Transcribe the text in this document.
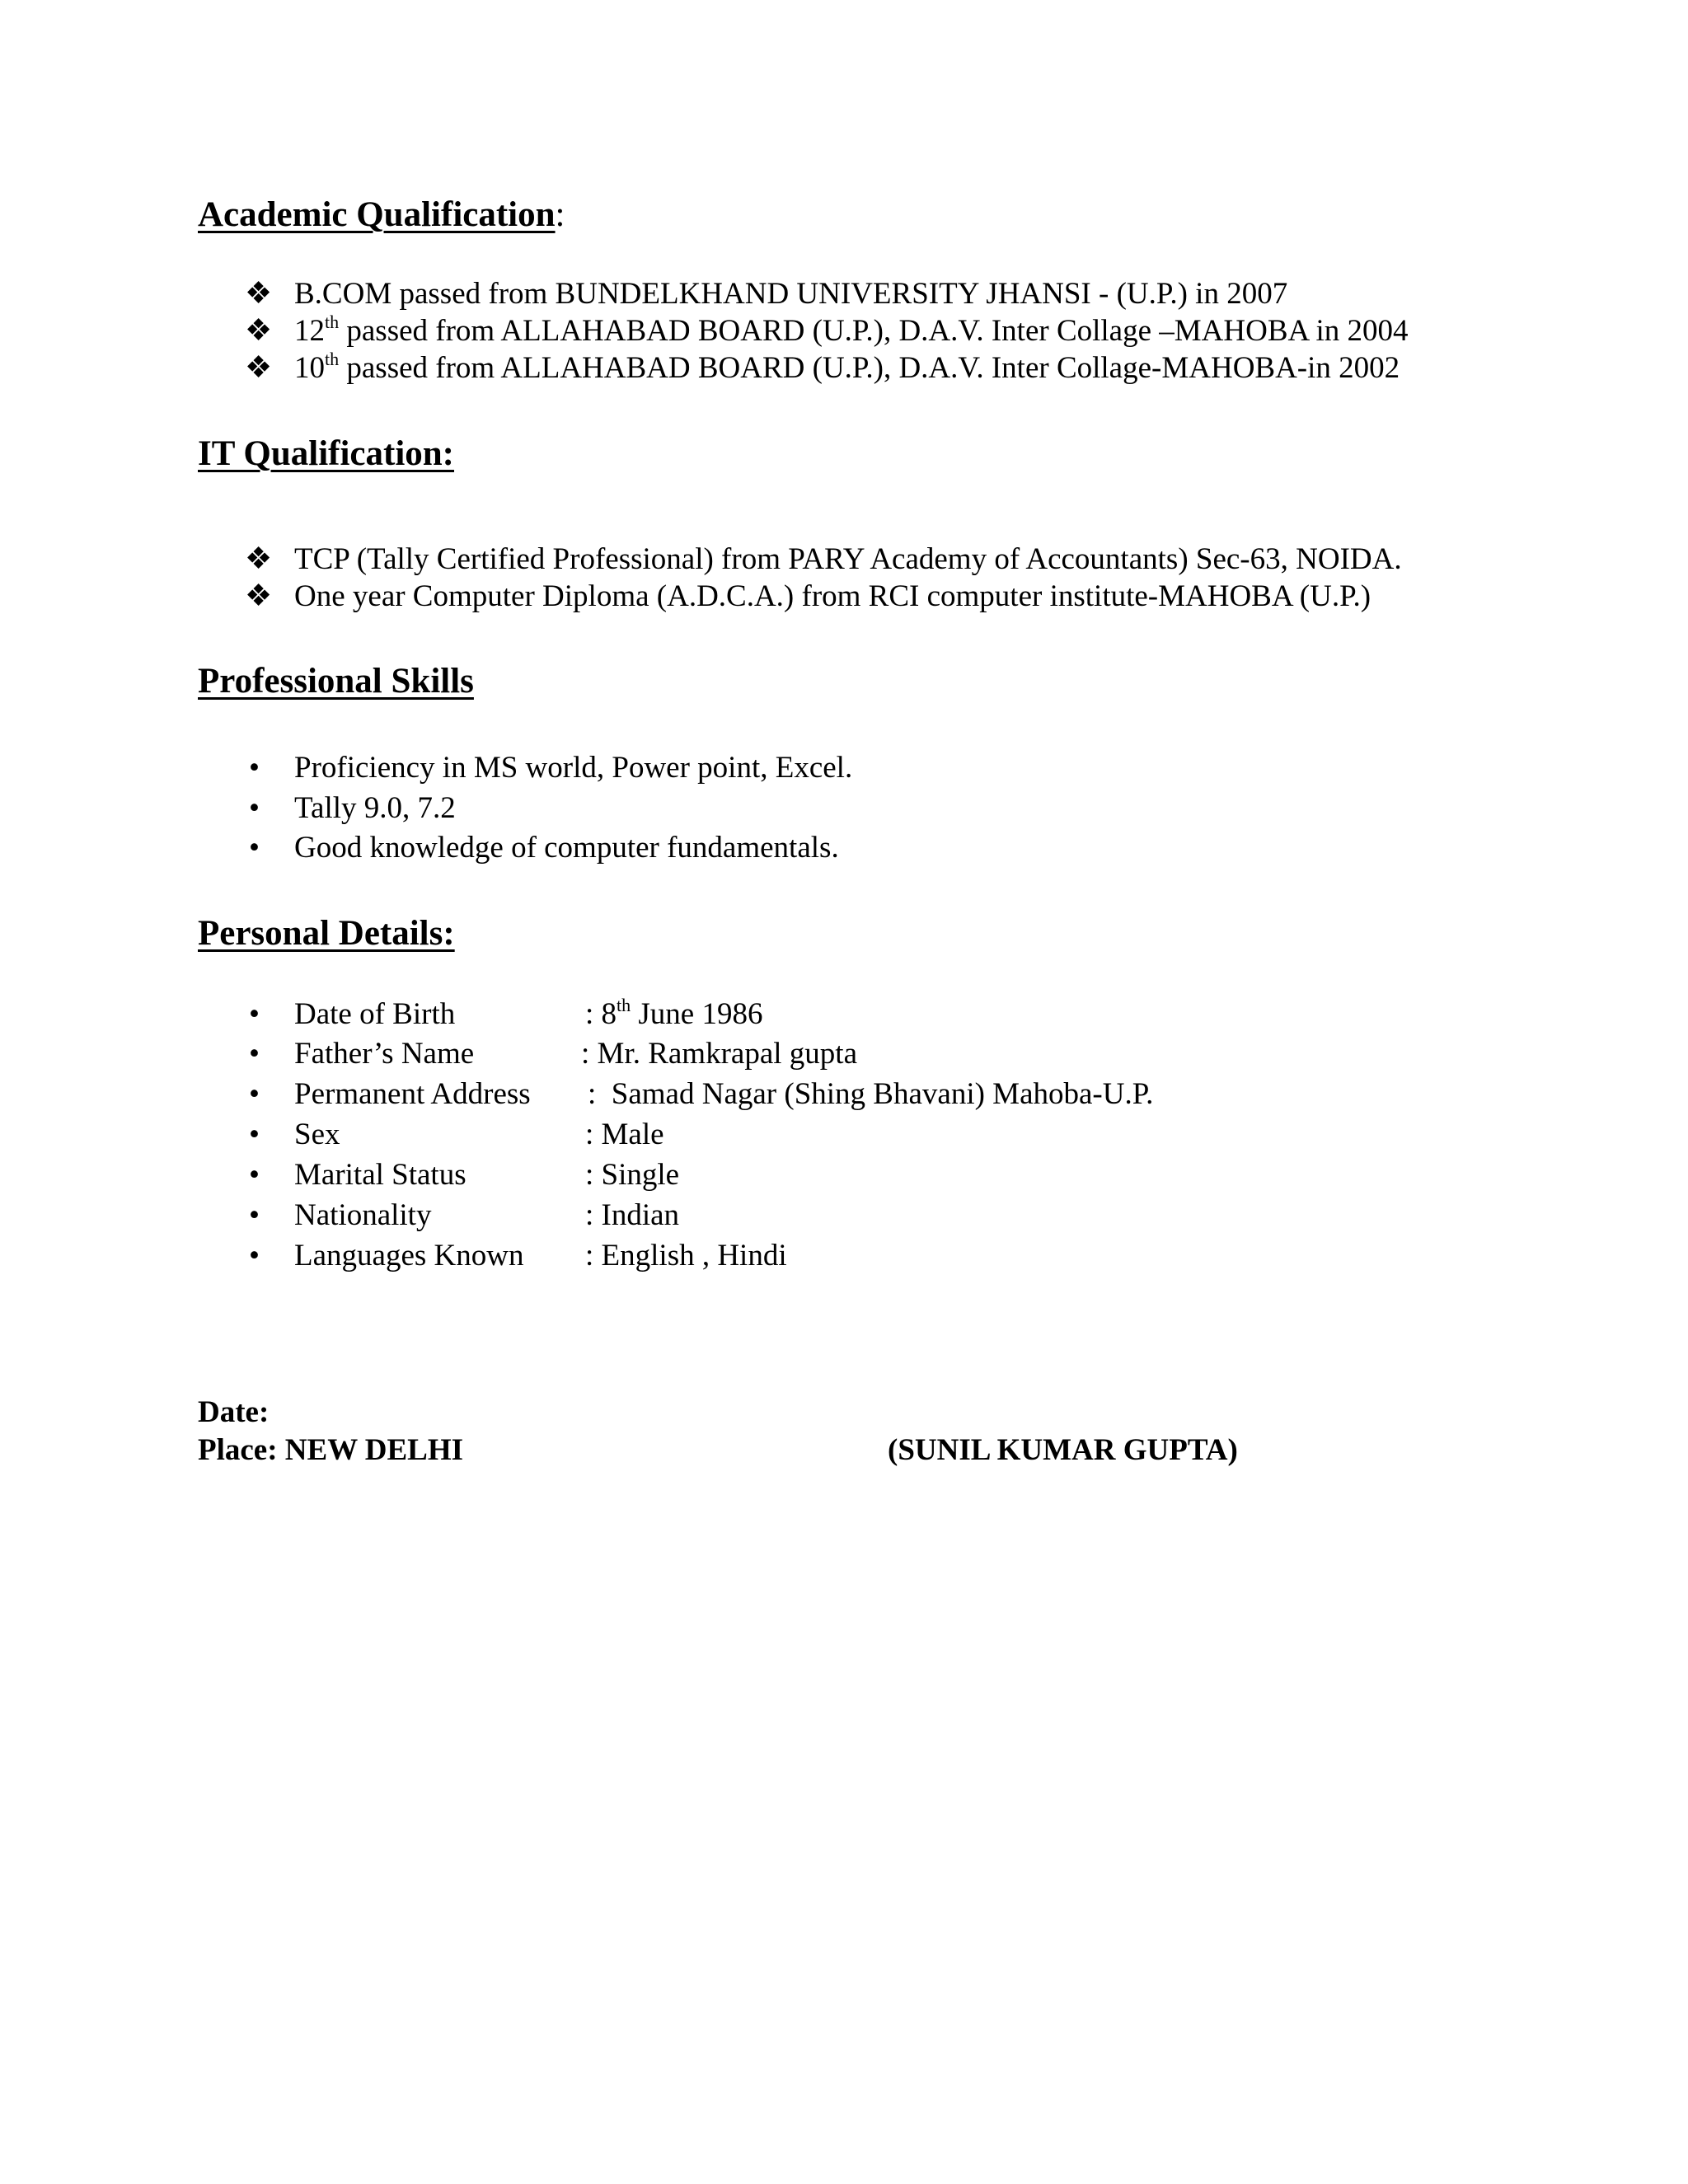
Academic Qualification:
❖ B.COM passed from BUNDELKHAND UNIVERSITY JHANSI - (U.P.) in 2007
❖ 12th passed from ALLAHABAD BOARD (U.P.), D.A.V. Inter Collage –MAHOBA in 2004
❖ 10th passed from ALLAHABAD BOARD (U.P.), D.A.V. Inter Collage-MAHOBA-in 2002
IT Qualification:
❖ TCP (Tally Certified Professional) from PARY Academy of Accountants) Sec-63, NOIDA.
❖ One year Computer Diploma (A.D.C.A.) from RCI computer institute-MAHOBA (U.P.)
Professional Skills
• Proficiency in MS world, Power point, Excel.
• Tally 9.0, 7.2
• Good knowledge of computer fundamentals.
Personal Details:
• Date of Birth	: 8th June 1986
• Father’s Name	: Mr. Ramkrapal gupta
• Permanent Address :  Samad Nagar (Shing Bhavani) Mahoba-U.P.
• Sex	: Male
• Marital Status	: Single
• Nationality	: Indian
• Languages Known : English , Hindi
Date:
Place: NEW DELHI	(SUNIL KUMAR GUPTA)
